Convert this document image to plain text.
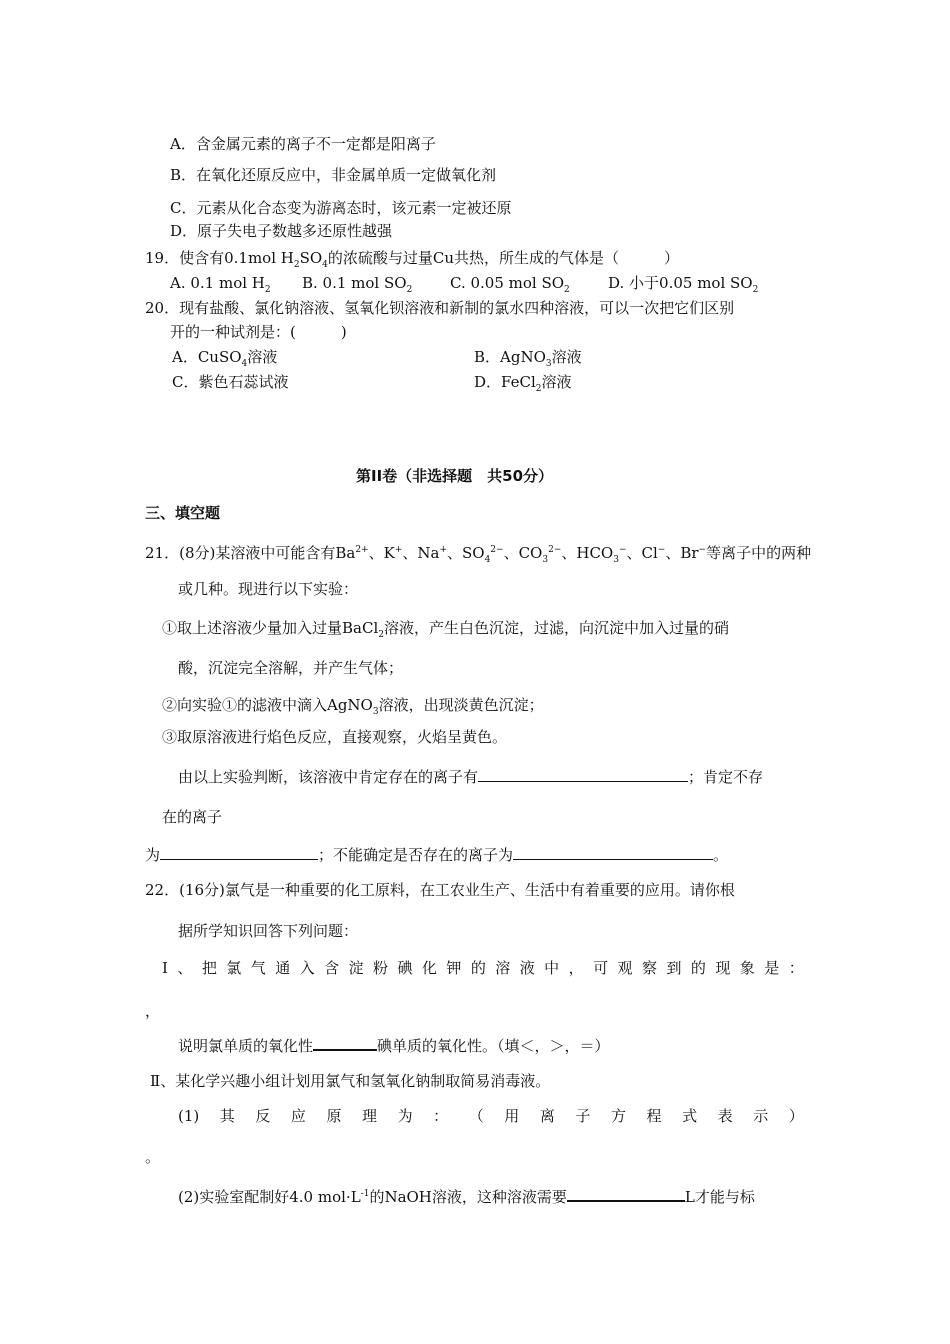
A．含金属元素的离子不一定都是阳离子
B．在氧化还原反应中，非金属单质一定做氧化剂
C．元素从化合态变为游离态时，该元素一定被还原
D．原子失电子数越多还原性越强
19．使含有0.1mol $H_2SO_4$的浓硫酸与过量Cu共热，所生成的气体是（　　　）
A. 0.1 mol $H_2$ B. 0.1 mol $SO_2$	C. 0.05 mol $SO_2$	D. 小于0.05 mol $SO_2$
20．现有盐酸、氯化钠溶液、氢氧化钡溶液和新制的氯水四种溶液，可以一次把它们区别
开的一种试剂是：(　　　)
A．CuSO$_4$溶液	B．AgNO$_3$溶液
C．紫色石蕊试液	D．FeCl$_2$溶液
第II卷（非选择题　共50分）
三、填空题
21．(8分)某溶液中可能含有$Ba^{2+}$、K+、Na+、$SO_4^{2-}$、$CO_3^{2-}$、$HCO_3^-$、Cl−、Br−等离子中的两种
或几种。现进行以下实验：
①取上述溶液少量加入过量BaCl$_2$溶液，产生白色沉淀，过滤，向沉淀中加入过量的硝
酸，沉淀完全溶解，并产生气体；
②向实验①的滤液中滴入AgNO$_3$溶液，出现淡黄色沉淀；
③取原溶液进行焰色反应，直接观察，火焰呈黄色。
由以上实验判断，该溶液中肯定存在的离子有	；肯定不存
在的离子
为	；不能确定是否存在的离子为	。
22．(16分)氯气是一种重要的化工原料，在工农业生产、生活中有着重要的应用。请你根
据所学知识回答下列问题：
Ⅰ 、 把 氯 气 通 入 含 淀 粉 碘 化 钾 的 溶 液 中 ， 可 观 察 到 的 现 象 是 ：
，
说明氯单质的氧化性	碘单质的氧化性。（填＜，＞，＝）
Ⅱ、某化学兴趣小组计划用氯气和氢氧化钠制取简易消毒液。
(1) 其 反 应 原 理 为 ： （ 用 离 子 方 程 式 表 示 ）
。
(2)实验室配制好4.0 $mol\cdot L^{-1}$的NaOH溶液，这种溶液需要	L才能与标
